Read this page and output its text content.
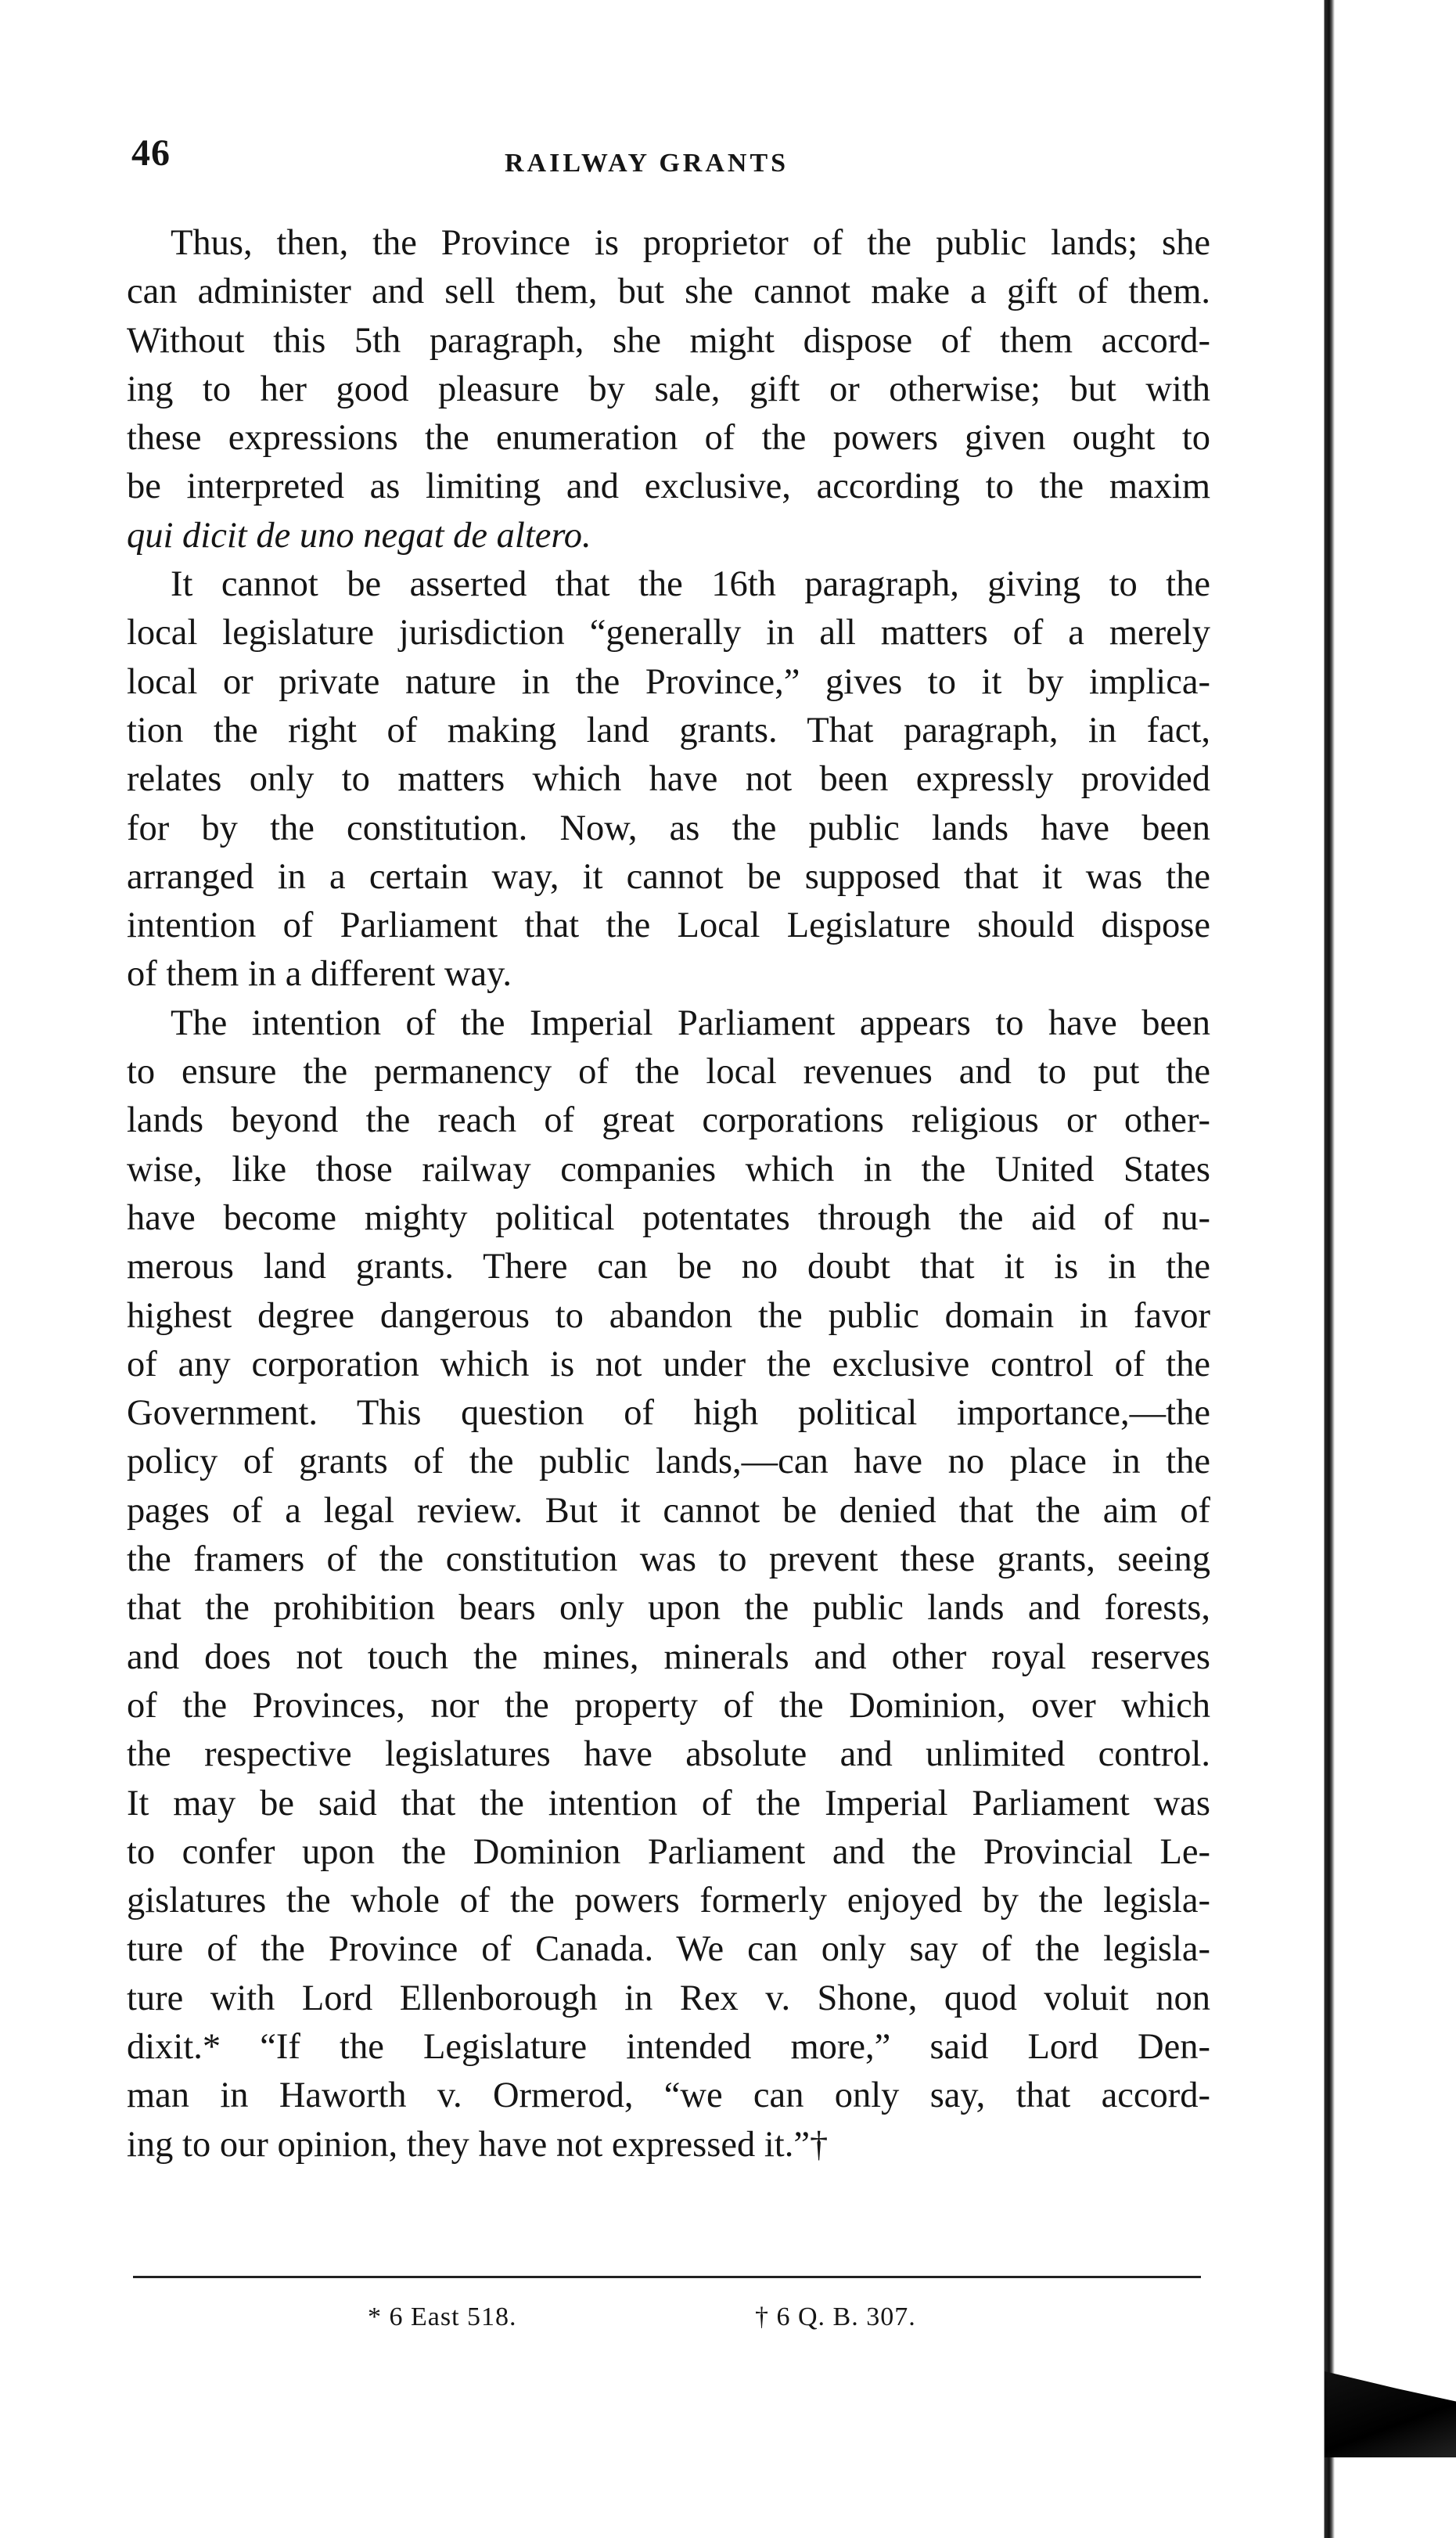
46	RAILWAY GRANTS

Thus, then, the Province is proprietor of the public lands; she
can administer and sell them, but she cannot make a gift of them.
Without this 5th paragraph, she might dispose of them accord-
ing to her good pleasure by sale, gift or otherwise; but with
these expressions the enumeration of the powers given ought to
be interpreted as limiting and exclusive, according to the maxim
qui dicit de uno negat de altero.

It cannot be asserted that the 16th paragraph, giving to the
local legislature jurisdiction “generally in all matters of a merely
local or private nature in the Province,” gives to it by implica-
tion the right of making land grants. That paragraph, in fact,
relates only to matters which have not been expressly provided
for by the constitution. Now, as the public lands have been
arranged in a certain way, it cannot be supposed that it was the
intention of Parliament that the Local Legislature should dispose
of them in a different way.

The intention of the Imperial Parliament appears to have been
to ensure the permanency of the local revenues and to put the
lands beyond the reach of great corporations religious or other-
wise, like those railway companies which in the United States
have become mighty political potentates through the aid of nu-
merous land grants. There can be no doubt that it is in the
highest degree dangerous to abandon the public domain in favor
of any corporation which is not under the exclusive control of the
Government. This question of high political importance,—the
policy of grants of the public lands,—can have no place in the
pages of a legal review. But it cannot be denied that the aim of
the framers of the constitution was to prevent these grants, seeing
that the prohibition bears only upon the public lands and forests,
and does not touch the mines, minerals and other royal reserves
of the Provinces, nor the property of the Dominion, over which
the respective legislatures have absolute and unlimited control.
It may be said that the intention of the Imperial Parliament was
to confer upon the Dominion Parliament and the Provincial Le-
gislatures the whole of the powers formerly enjoyed by the legisla-
ture of the Province of Canada. We can only say of the legisla-
ture with Lord Ellenborough in Rex v. Shone, quod voluit non
dixit.* “If the Legislature intended more,” said Lord Den-
man in Haworth v. Ormerod, “we can only say, that accord-
ing to our opinion, they have not expressed it.”†

* 6 East 518.	† 6 Q. B. 307.
